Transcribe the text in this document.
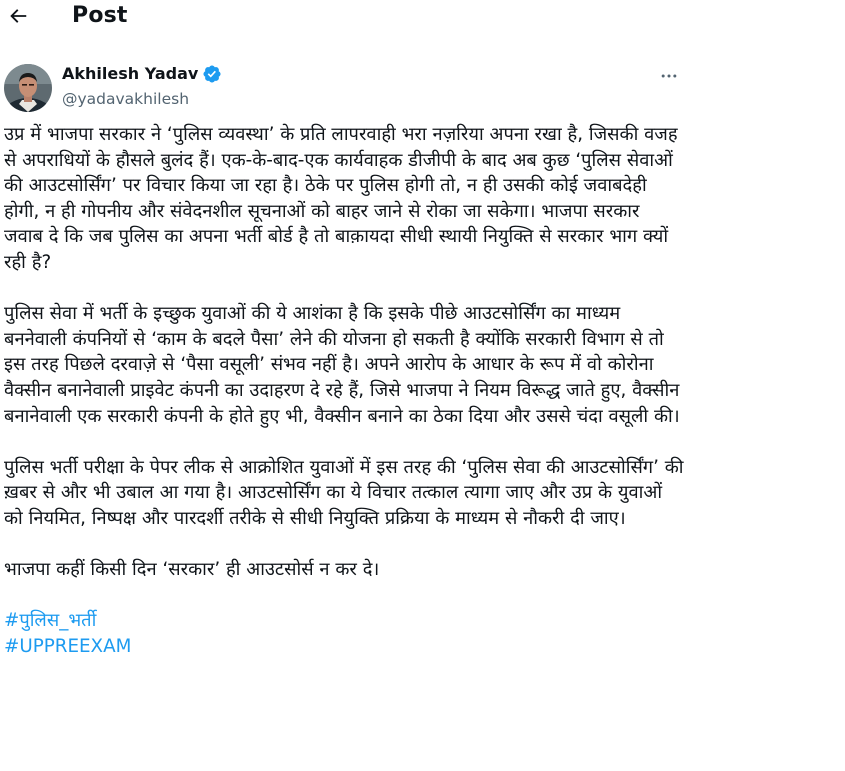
Post
Akhilesh Yadav
@yadavakhilesh

उप्र में भाजपा सरकार ने ‘पुलिस व्यवस्था’ के प्रति लापरवाही भरा नज़रिया अपना रखा है, जिसकी वजह से अपराधियों के हौसले बुलंद हैं। एक-के-बाद-एक कार्यवाहक डीजीपी के बाद अब कुछ ‘पुलिस सेवाओं की आउटसोर्सिंग’ पर विचार किया जा रहा है। ठेके पर पुलिस होगी तो, न ही उसकी कोई जवाबदेही होगी, न ही गोपनीय और संवेदनशील सूचनाओं को बाहर जाने से रोका जा सकेगा। भाजपा सरकार जवाब दे कि जब पुलिस का अपना भर्ती बोर्ड है तो बाक़ायदा सीधी स्थायी नियुक्ति से सरकार भाग क्यों रही है?

पुलिस सेवा में भर्ती के इच्छुक युवाओं की ये आशंका है कि इसके पीछे आउटसोर्सिंग का माध्यम बननेवाली कंपनियों से ‘काम के बदले पैसा’ लेने की योजना हो सकती है क्योंकि सरकारी विभाग से तो इस तरह पिछले दरवाज़े से ‘पैसा वसूली’ संभव नहीं है। अपने आरोप के आधार के रूप में वो कोरोना वैक्सीन बनानेवाली प्राइवेट कंपनी का उदाहरण दे रहे हैं, जिसे भाजपा ने नियम विरूद्ध जाते हुए, वैक्सीन बनानेवाली एक सरकारी कंपनी के होते हुए भी, वैक्सीन बनाने का ठेका दिया और उससे चंदा वसूली की।

पुलिस भर्ती परीक्षा के पेपर लीक से आक्रोशित युवाओं में इस तरह की ‘पुलिस सेवा की आउटसोर्सिंग’ की ख़बर से और भी उबाल आ गया है। आउटसोर्सिंग का ये विचार तत्काल त्यागा जाए और उप्र के युवाओं को नियमित, निष्पक्ष और पारदर्शी तरीके से सीधी नियुक्ति प्रक्रिया के माध्यम से नौकरी दी जाए।

भाजपा कहीं किसी दिन ‘सरकार’ ही आउटसोर्स न कर दे।

#पुलिस_भर्ती
#UPPREEXAM
